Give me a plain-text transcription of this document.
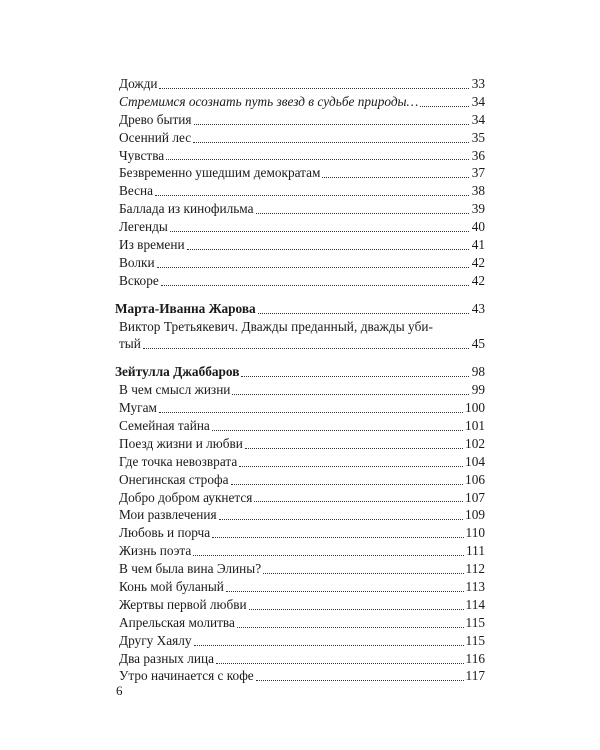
Дожди	33
Стремимся осознать путь звезд в судьбе природы…	34
Древо бытия	34
Осенний лес	35
Чувства	36
Безвременно ушедшим демократам	37
Весна	38
Баллада из кинофильма	39
Легенды	40
Из времени	41
Волки	42
Вскоре	42
Марта-Иванна Жарова	43
Виктор Третьякевич. Дважды преданный, дважды уби-
тый	45
Зейтулла Джаббаров	98
В чем смысл жизни	99
Мугам	100
Семейная тайна	101
Поезд жизни и любви	102
Где точка невозврата	104
Онегинская строфа	106
Добро добром аукнется	107
Мои развлечения	109
Любовь и порча	110
Жизнь поэта	111
В чем была вина Элины?	112
Конь мой буланый	113
Жертвы первой любви	114
Апрельская молитва	115
Другу Хаялу	115
Два разных лица	116
Утро начинается с кофе	117
6
